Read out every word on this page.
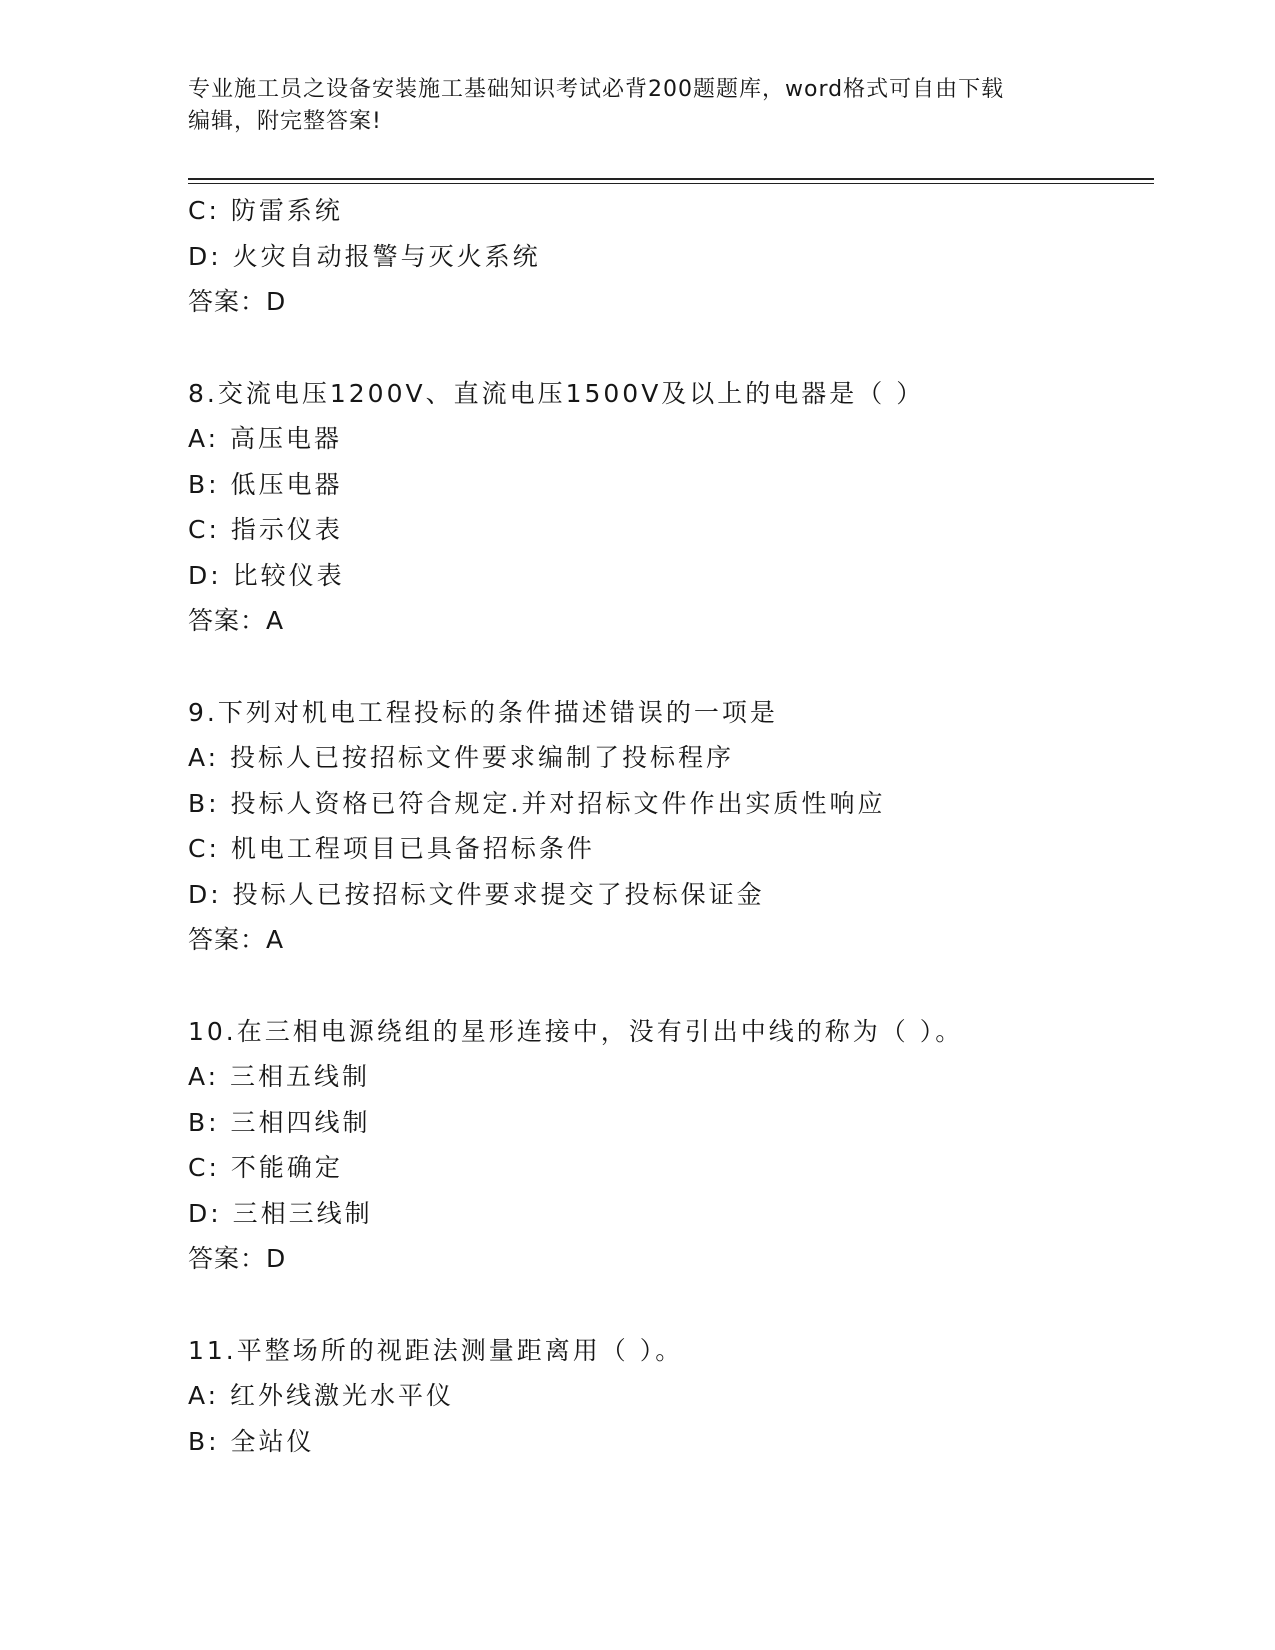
专业施工员之设备安装施工基础知识考试必背200题题库，word格式可自由下载
编辑，附完整答案!
C: 防雷系统
D: 火灾自动报警与灭火系统
答案：D
8.交流电压1200V、直流电压1500V及以上的电器是（ ）
A: 高压电器
B: 低压电器
C: 指示仪表
D: 比较仪表
答案：A
9.下列对机电工程投标的条件描述错误的一项是
A: 投标人已按招标文件要求编制了投标程序
B: 投标人资格已符合规定.并对招标文件作出实质性响应
C: 机电工程项目已具备招标条件
D: 投标人已按招标文件要求提交了投标保证金
答案：A
10.在三相电源绕组的星形连接中，没有引出中线的称为（ ）。
A: 三相五线制
B: 三相四线制
C: 不能确定
D: 三相三线制
答案：D
11.平整场所的视距法测量距离用（ ）。
A: 红外线激光水平仪
B: 全站仪
